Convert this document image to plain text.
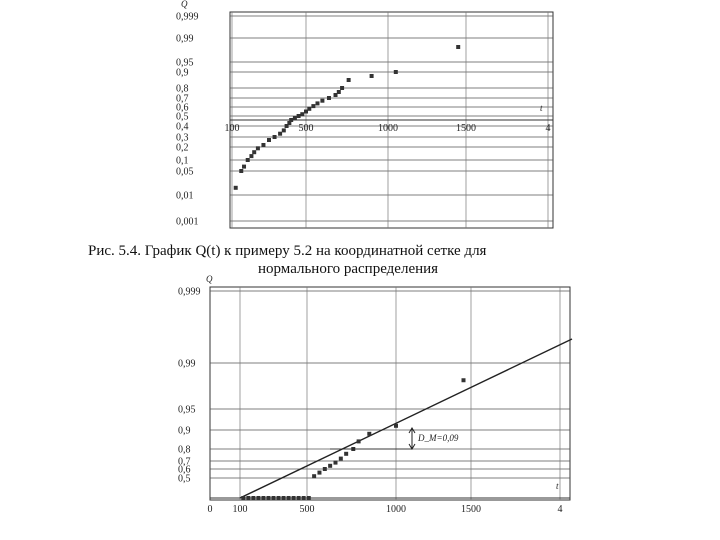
0,999
0,99
0,95
0,9
0,8
0,7
0,6
0,5
0,4
0,3
0,2
0,1
0,05
0,01
0,001
100	500	1000	1500	4
Q
t
0,999
0,99
0,95
0,9
0,8
0,7
0,6
0,5
0 100	500	1000	1500	4
Q
t
D_M=0,09
Рис. 5.4. График Q(t) к примеру 5.2 на координатной сетке для
нормального распределения
